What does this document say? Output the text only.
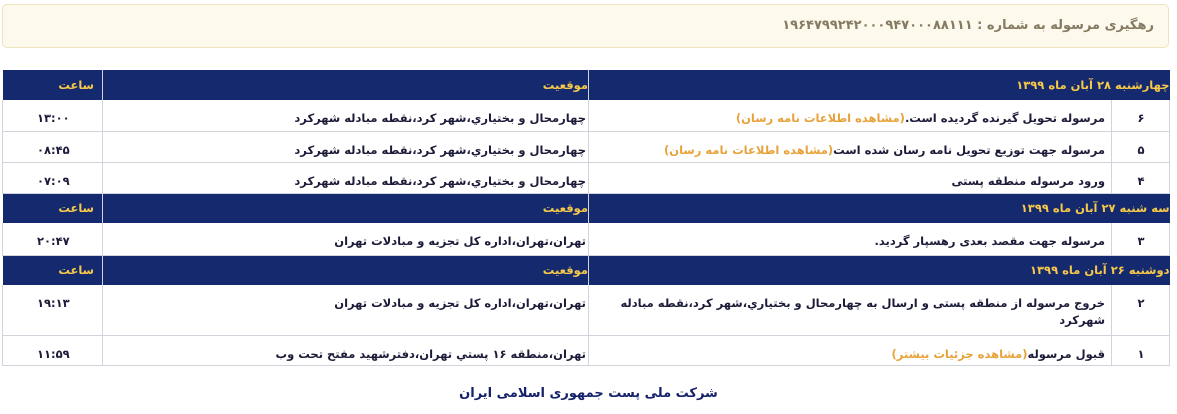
رهگیری مرسوله به شماره : ۱۹۶۴۷۹۹۲۴۲۰۰۰۹۴۷۰۰۰۸۸۱۱۱
چهارشنبه ۲۸ آبان ماه ۱۳۹۹		موقعیت	ساعت
۶	مرسوله تحویل گیرنده گردیده است.(مشاهده اطلاعات نامه رسان)	چهارمحال و بختياري،شهر كرد،نقطه مبادله شهركرد	۱۳:۰۰
۵	مرسوله جهت توزیع تحویل نامه رسان شده است(مشاهده اطلاعات نامه رسان)	چهارمحال و بختياري،شهر كرد،نقطه مبادله شهركرد	۰۸:۴۵
۴	ورود مرسوله منطقه پستی	چهارمحال و بختياري،شهر كرد،نقطه مبادله شهركرد	۰۷:۰۹
سه شنبه ۲۷ آبان ماه ۱۳۹۹		موقعیت	ساعت
۳	مرسوله جهت مقصد بعدی رهسپار گردید.	تهران،تهران،اداره کل تجزیه و مبادلات تهران	۲۰:۴۷
دوشنبه ۲۶ آبان ماه ۱۳۹۹		موقعیت	ساعت
۲	خروج مرسوله از منطقه پستی و ارسال به چهارمحال و بختياري،شهر كرد،نقطه مبادله شهركرد	تهران،تهران،اداره کل تجزیه و مبادلات تهران	۱۹:۱۳
۱	قبول مرسوله(مشاهده جزئیات بیشتر)	تهران،منطقه ۱۶ پستي تهران،دفترشهيد مفتح تحت وب	۱۱:۵۹
شرکت ملی پست جمهوری اسلامی ایران
